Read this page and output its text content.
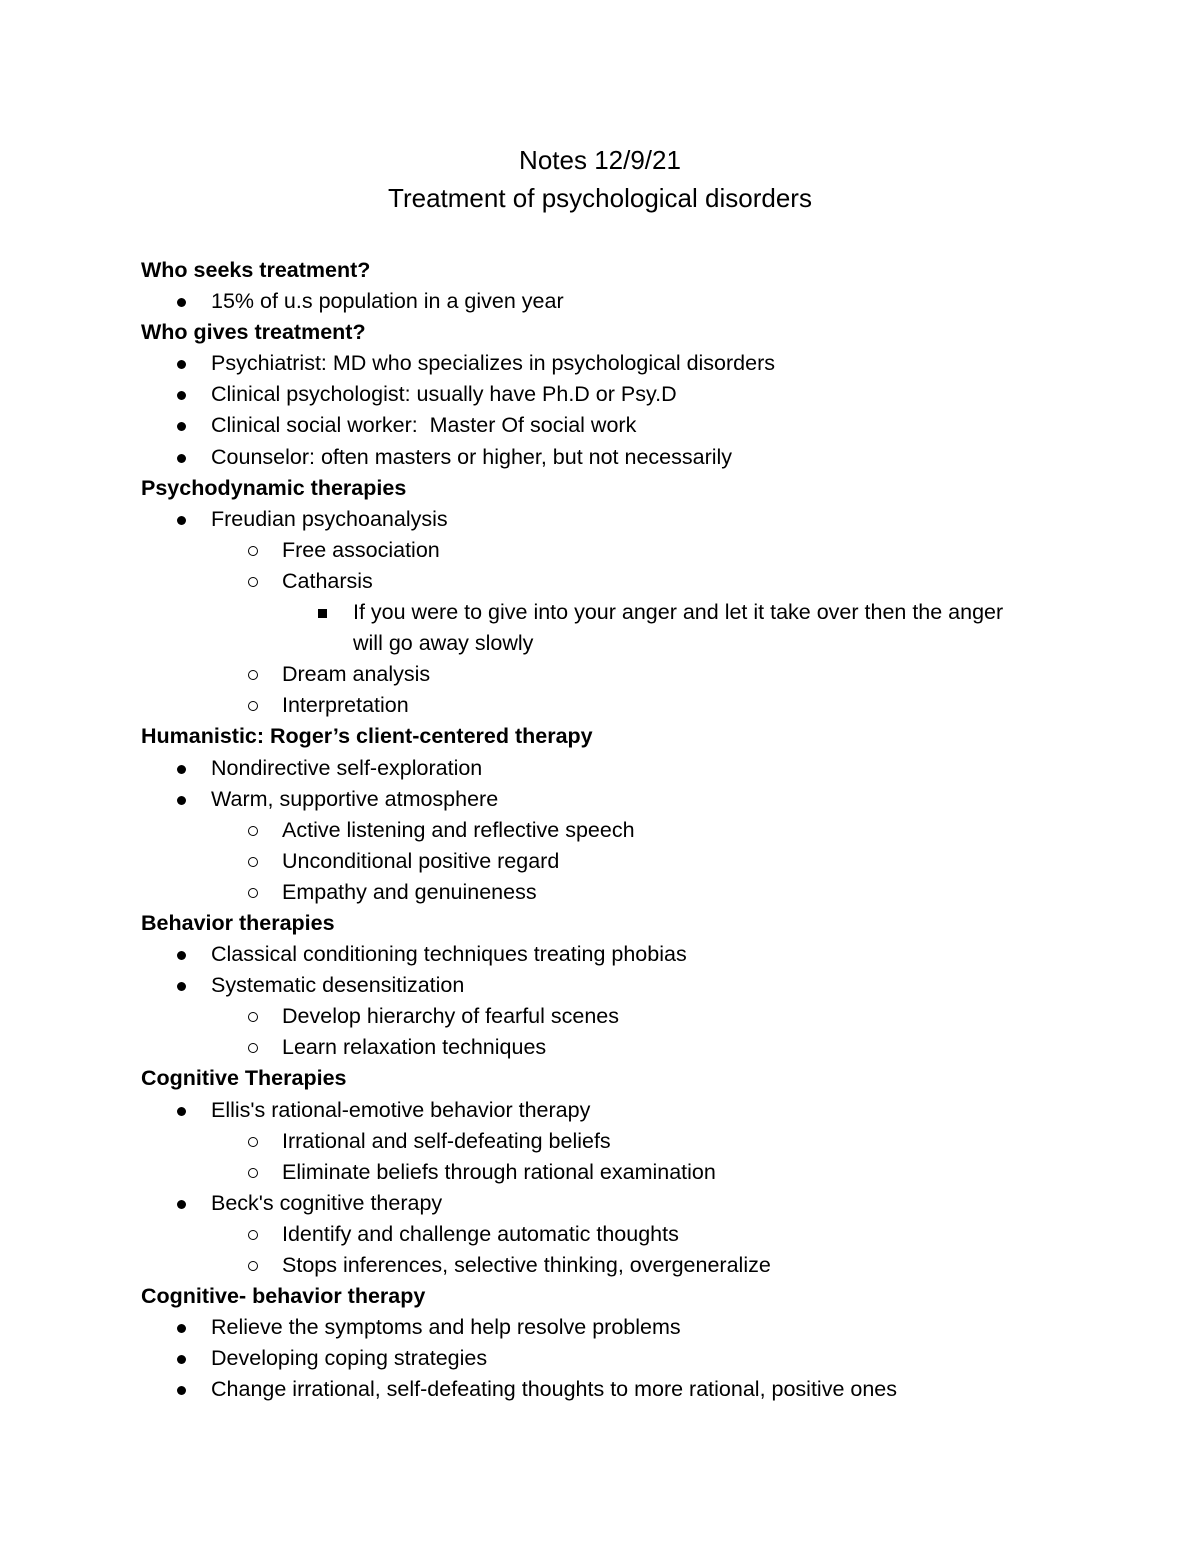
Notes 12/9/21
Treatment of psychological disorders
Who seeks treatment?
15% of u.s population in a given year
Who gives treatment?
Psychiatrist: MD who specializes in psychological disorders
Clinical psychologist: usually have Ph.D or Psy.D
Clinical social worker:  Master Of social work
Counselor: often masters or higher, but not necessarily
Psychodynamic therapies
Freudian psychoanalysis
Free association
Catharsis
If you were to give into your anger and let it take over then the anger will go away slowly
Dream analysis
Interpretation
Humanistic: Roger’s client-centered therapy
Nondirective self-exploration
Warm, supportive atmosphere
Active listening and reflective speech
Unconditional positive regard
Empathy and genuineness
Behavior therapies
Classical conditioning techniques treating phobias
Systematic desensitization
Develop hierarchy of fearful scenes
Learn relaxation techniques
Cognitive Therapies
Ellis's rational-emotive behavior therapy
Irrational and self-defeating beliefs
Eliminate beliefs through rational examination
Beck's cognitive therapy
Identify and challenge automatic thoughts
Stops inferences, selective thinking, overgeneralize
Cognitive- behavior therapy
Relieve the symptoms and help resolve problems
Developing coping strategies
Change irrational, self-defeating thoughts to more rational, positive ones
